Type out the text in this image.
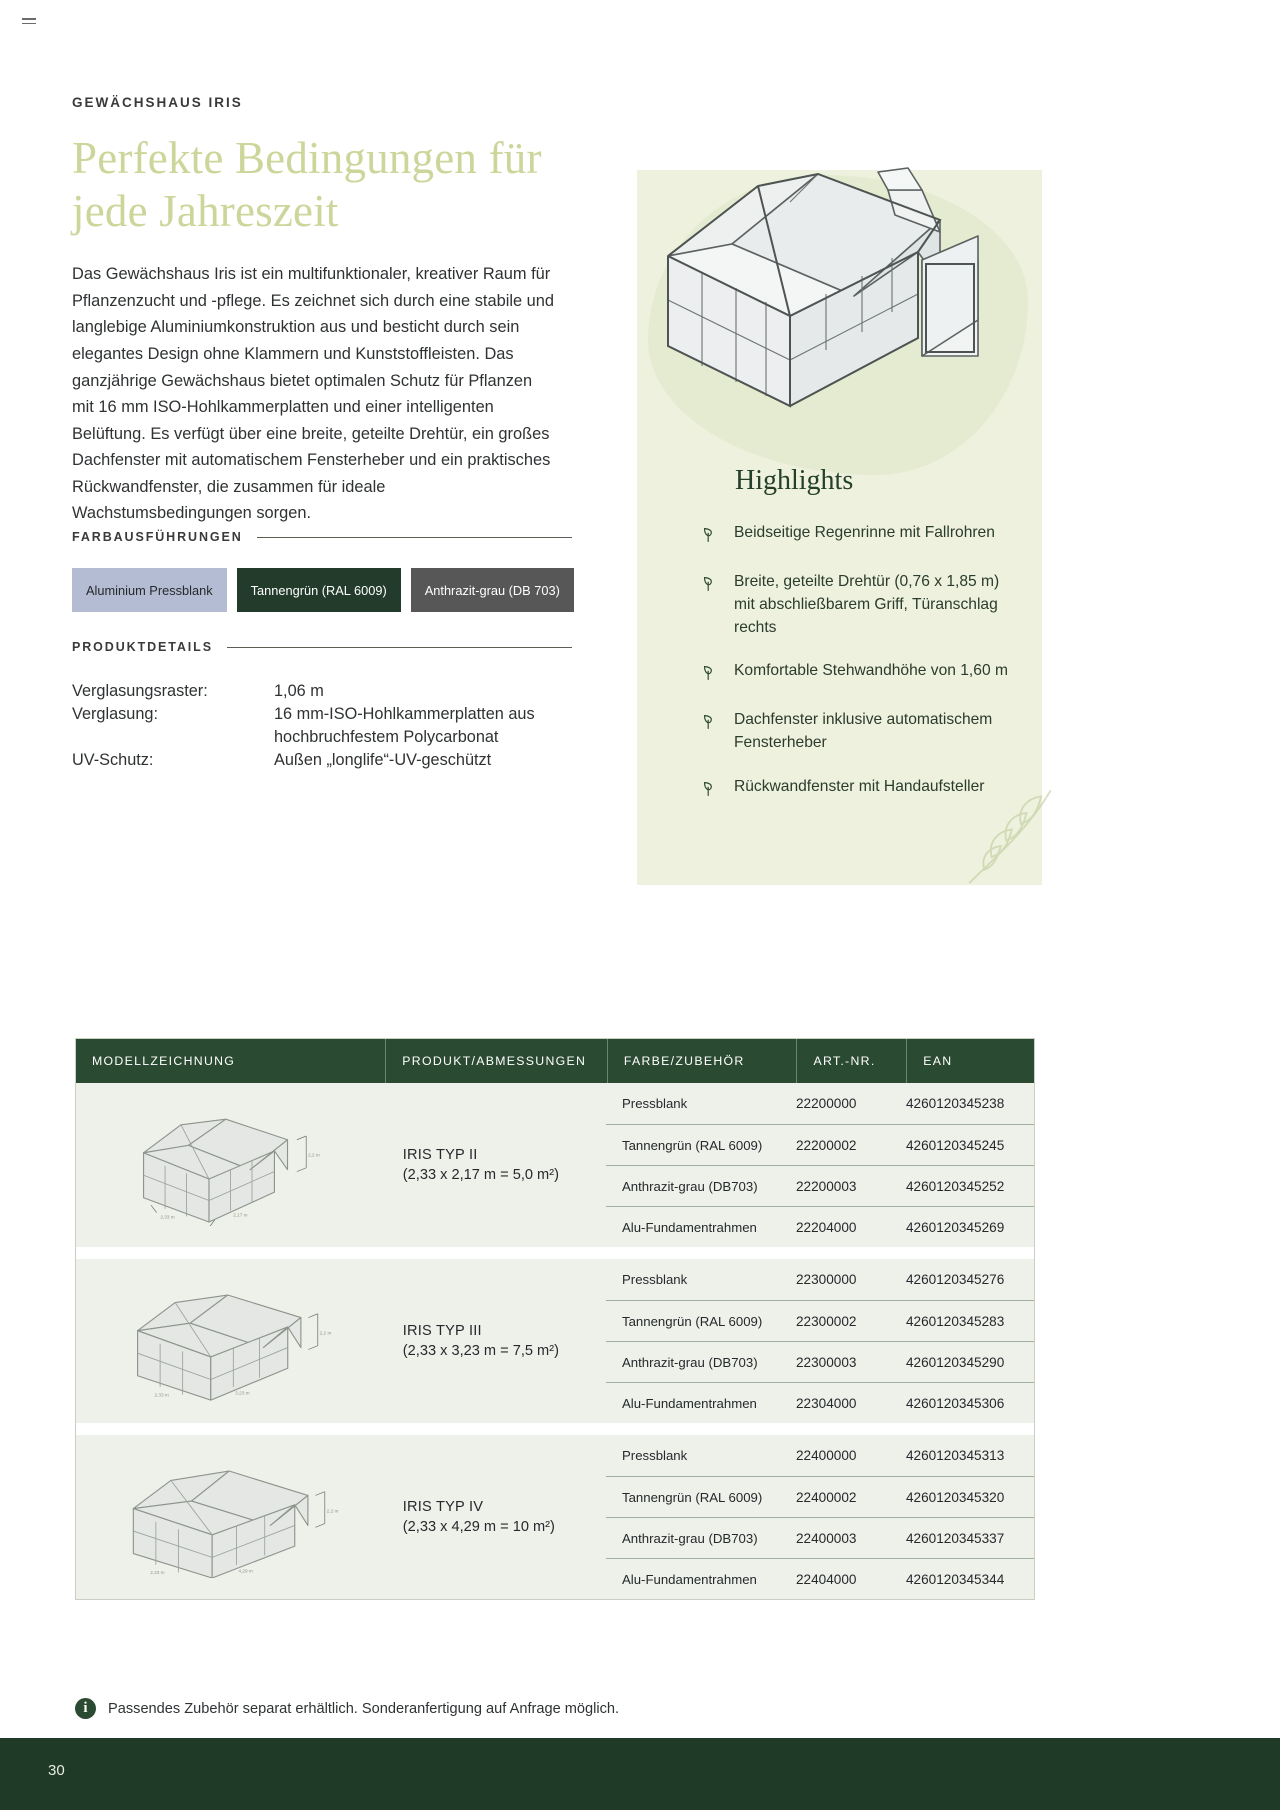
GEWÄCHSHAUS IRIS
Perfekte Bedingungen für jede Jahreszeit

Das Gewächshaus Iris ist ein multifunktionaler, kreativer Raum für Pflanzenzucht und -pflege. Es zeichnet sich durch eine stabile und langlebige Aluminiumkonstruktion aus und besticht durch sein elegantes Design ohne Klammern und Kunststoffleisten. Das ganzjährige Gewächshaus bietet optimalen Schutz für Pflanzen mit 16 mm ISO-Hohlkammerplatten und einer intelligenten Belüftung. Es verfügt über eine breite, geteilte Drehtür, ein großes Dachfenster mit automatischem Fensterheber und ein praktisches Rückwandfenster, die zusammen für ideale Wachstumsbedingungen sorgen.

FARBAUSFÜHRUNGEN
Aluminium Pressblank	Tannengrün (RAL 6009)	Anthrazit-grau (DB 703)
PRODUKTDETAILS
Verglasungsraster:	1,06 m
Verglasung:	16 mm-ISO-Hohlkammerplatten aus hochbruchfestem Polycarbonat
UV-Schutz:	Außen „longlife“-UV-geschützt
Highlights
Beidseitige Regenrinne mit Fallrohren
Breite, geteilte Drehtür (0,76 x 1,85 m) mit abschließbarem Griff, Türanschlag rechts
Komfortable Stehwandhöhe von 1,60 m
Dachfenster inklusive automatischem Fensterheber
Rückwandfenster mit Handaufsteller
MODELLZEICHNUNG	PRODUKT/ABMESSUNGEN	FARBE/ZUBEHÖR	ART.-NR.	EAN
2,33 m	2,17 m
2,2 m	IRIS TYP II
(2,33 x 2,17 m = 5,0 m²)
Pressblank	22200000	4260120345238
Tannengrün (RAL 6009)	22200002	4260120345245
Anthrazit-grau (DB703)	22200003	4260120345252
Alu-Fundamentrahmen	22204000	4260120345269
2,33 m	3,23 m
2,2 m	IRIS TYP III
(2,33 x 3,23 m = 7,5 m²)
Pressblank	22300000	4260120345276
Tannengrün (RAL 6009)	22300002	4260120345283
Anthrazit-grau (DB703)	22300003	4260120345290
Alu-Fundamentrahmen	22304000	4260120345306
2,33 m	4,29 m
2,2 m	IRIS TYP IV
(2,33 x 4,29 m = 10 m²)
Pressblank	22400000	4260120345313
Tannengrün (RAL 6009)	22400002	4260120345320
Anthrazit-grau (DB703)	22400003	4260120345337
Alu-Fundamentrahmen	22404000	4260120345344
i	Passendes Zubehör separat erhältlich. Sonderanfertigung auf Anfrage möglich.
30
